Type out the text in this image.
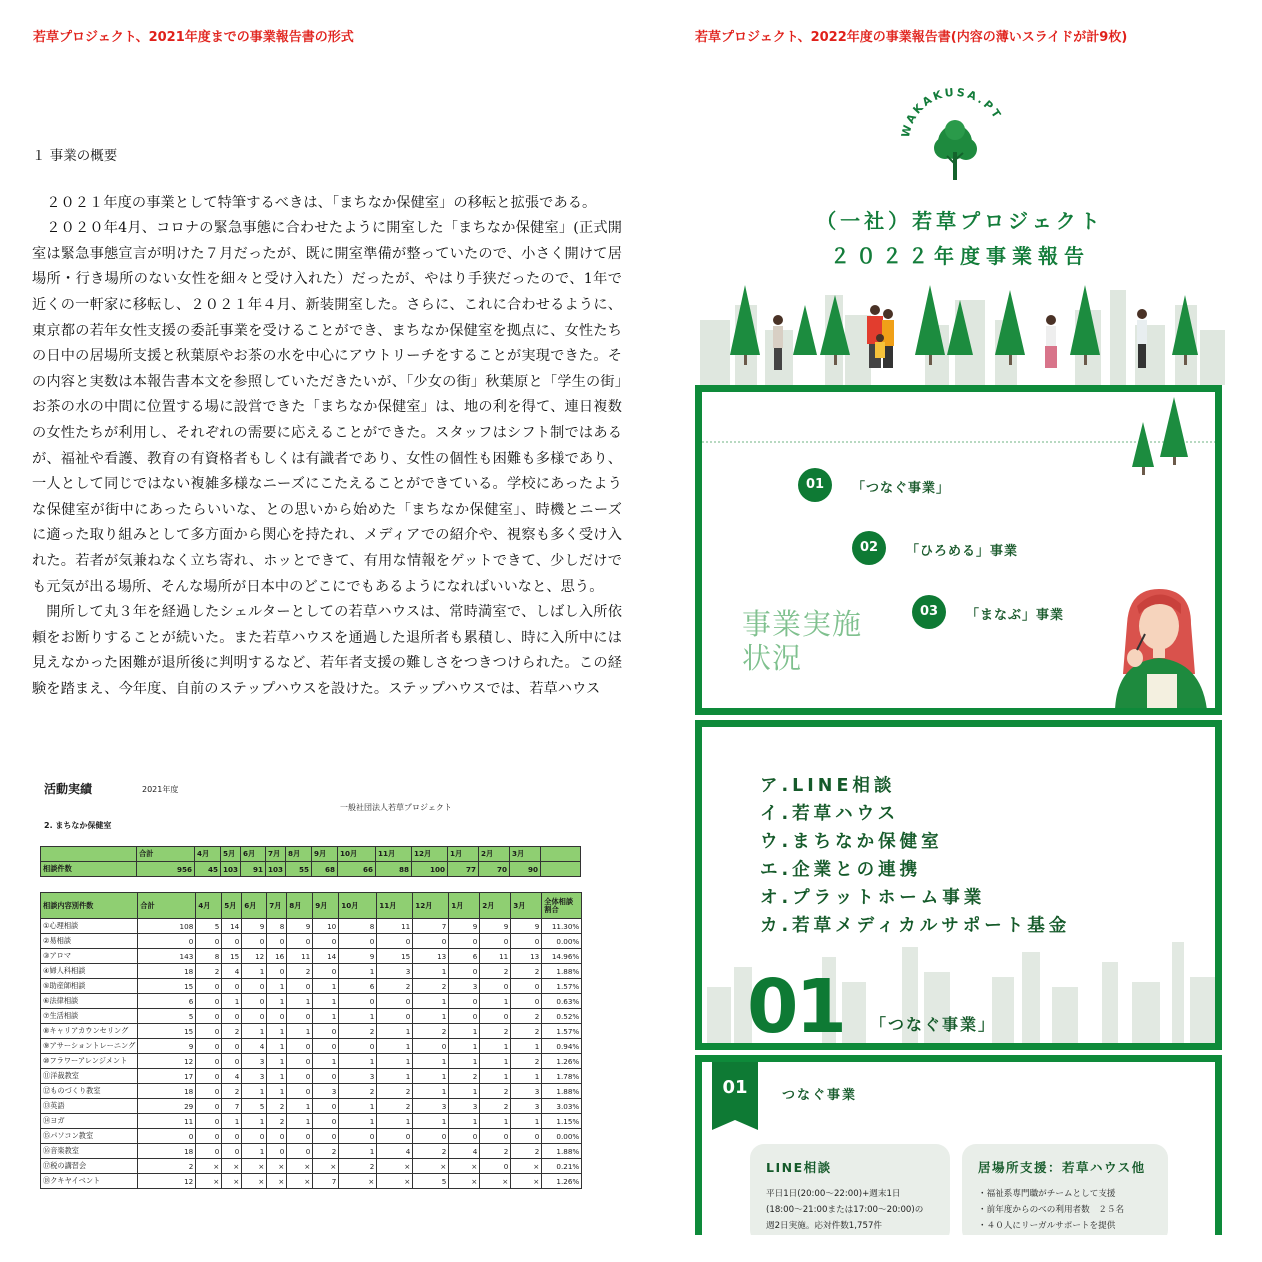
若草プロジェクト、2021年度までの事業報告書の形式	若草プロジェクト、2022年度の事業報告書(内容の薄いスライドが計9枚)
１ 事業の概要

２０２１年度の事業として特筆するべきは、「まちなか保健室」の移転と拡張である。

２０２０年4月、コロナの緊急事態に合わせたように開室した「まちなか保健室」(正式開室は緊急事態宣言が明けた７月だったが、既に開室準備が整っていたので、小さく開けて居場所・行き場所のない女性を細々と受け入れた）だったが、やはり手狭だったので、1年で近くの一軒家に移転し、２０２１年４月、新装開室した。さらに、これに合わせるように、東京都の若年女性支援の委託事業を受けることができ、まちなか保健室を拠点に、女性たちの日中の居場所支援と秋葉原やお茶の水を中心にアウトリーチをすることが実現できた。その内容と実数は本報告書本文を参照していただきたいが、「少女の街」秋葉原と「学生の街」お茶の水の中間に位置する場に設営できた「まちなか保健室」は、地の利を得て、連日複数の女性たちが利用し、それぞれの需要に応えることができた。スタッフはシフト制ではあるが、福祉や看護、教育の有資格者もしくは有識者であり、女性の個性も困難も多様であり、一人として同じではない複雑多様なニーズにこたえることができている。学校にあったような保健室が街中にあったらいいな、との思いから始めた「まちなか保健室」、時機とニーズに適った取り組みとして多方面から関心を持たれ、メディアでの紹介や、視察も多く受け入れた。若者が気兼ねなく立ち寄れ、ホッとできて、有用な情報をゲットできて、少しだけでも元気が出る場所、そんな場所が日本中のどこにでもあるようになればいいなと、思う。

開所して丸３年を経過したシェルターとしての若草ハウスは、常時満室で、しばし入所依頼をお断りすることが続いた。また若草ハウスを通過した退所者も累積し、時に入所中には見えなかった困難が退所後に判明するなど、若年者支援の難しさをつきつけられた。この経験を踏まえ、今年度、自前のステップハウスを設けた。ステップハウスでは、若草ハウス

活動実績	2021年度
一般社団法人若草プロジェクト
2. まちなか保健室
	合計	4月	5月	6月	7月	8月	9月	10月	11月	12月	1月	2月	3月	
相談件数	956	45	103	91	103	55	68	66	88	100	77	70	90	
相談内容別件数	合計	4月	5月	6月	7月	8月	9月	10月	11月	12月	1月	2月	3月	全体相談割合
①心理相談	108	5	14	9	8	9	10	8	11	7	9	9	9	11.30%
②易相談	0	0	0	0	0	0	0	0	0	0	0	0	0	0.00%
③アロマ	143	8	15	12	16	11	14	9	15	13	6	11	13	14.96%
④婦人科相談	18	2	4	1	0	2	0	1	3	1	0	2	2	1.88%
⑤助産師相談	15	0	0	0	1	0	1	6	2	2	3	0	0	1.57%
⑥法律相談	6	0	1	0	1	1	1	0	0	1	0	1	0	0.63%
⑦生活相談	5	0	0	0	0	0	1	1	0	1	0	0	2	0.52%
⑧キャリアカウンセリング	15	0	2	1	1	1	0	2	1	2	1	2	2	1.57%
⑨アサーショントレーニング	9	0	0	4	1	0	0	0	1	0	1	1	1	0.94%
⑩フラワーアレンジメント	12	0	0	3	1	0	1	1	1	1	1	1	2	1.26%
⑪洋裁教室	17	0	4	3	1	0	0	3	1	1	2	1	1	1.78%
⑫ものづくり教室	18	0	2	1	1	0	3	2	2	1	1	2	3	1.88%
⑬英語	29	0	7	5	2	1	0	1	2	3	3	2	3	3.03%
⑭ヨガ	11	0	1	1	2	1	0	1	1	1	1	1	1	1.15%
⑮パソコン教室	0	0	0	0	0	0	0	0	0	0	0	0	0	0.00%
⑯音楽教室	18	0	0	1	0	0	2	1	4	2	4	2	2	1.88%
⑰税の講習会	2	×	×	×	×	×	×	2	×	×	×	0	×	0.21%
⑱クキヤイベント	12	×	×	×	×	×	7	×	×	5	×	×	×	1.26%
WAKAKUSA.PT
（一社）若草プロジェクト
２０２２年度事業報告
01	「つなぐ事業」
02	「ひろめる」事業
03	「まなぶ」事業
事業実施
状況
ア.LINE相談
イ.若草ハウス
ウ.まちなか保健室
エ.企業との連携
オ.プラットホーム事業
カ.若草メディカルサポート基金
01 「つなぐ事業」
01	つなぐ事業
LINE相談
平日1日(20:00〜22:00)+週末1日
(18:00〜21:00または17:00〜20:00)の
週2日実施。応対件数1,757件
居場所支援：若草ハウス他
・福祉系専門職がチームとして支援
・前年度からのべの利用者数　２５名
・４０人にリーガルサポートを提供
